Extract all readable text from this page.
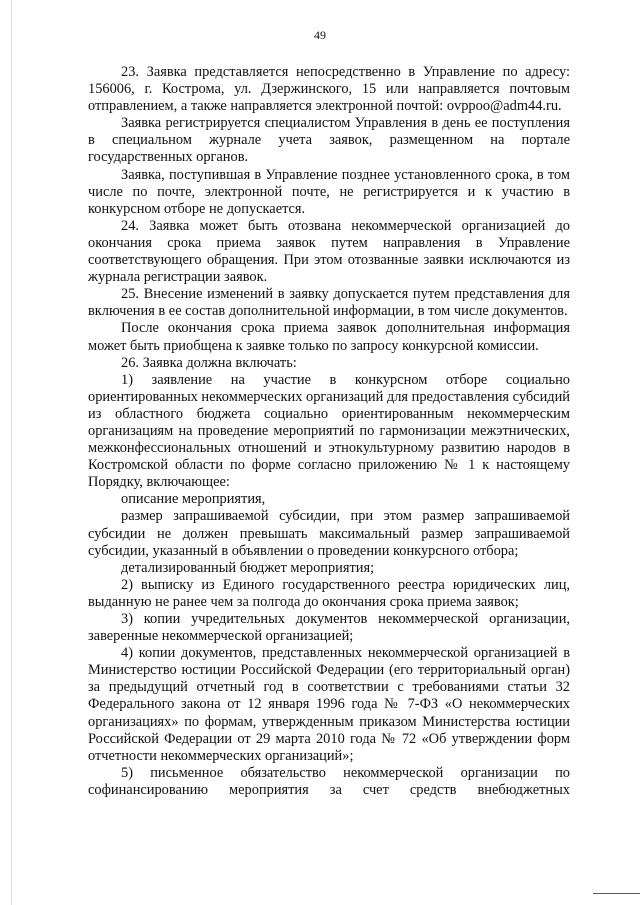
49

23. Заявка представляется непосредственно в Управление по адресу: 156006, г. Кострома, ул. Дзержинского, 15 или направляется почтовым отправлением, а также направляется электронной почтой: ovppoo@adm44.ru.

Заявка регистрируется специалистом Управления в день ее поступления в специальном журнале учета заявок, размещенном на портале государственных органов.

Заявка, поступившая в Управление позднее установленного срока, в том числе по почте, электронной почте, не регистрируется и к участию в конкурсном отборе не допускается.

24. Заявка может быть отозвана некоммерческой организацией до окончания срока приема заявок путем направления в Управление соответствующего обращения. При этом отозванные заявки исключаются из журнала регистрации заявок.

25. Внесение изменений в заявку допускается путем представления для включения в ее состав дополнительной информации, в том числе документов.

После окончания срока приема заявок дополнительная информация может быть приобщена к заявке только по запросу конкурсной комиссии.

26. Заявка должна включать:

1) заявление на участие в конкурсном отборе социально ориентированных некоммерческих организаций для предоставления субсидий из областного бюджета социально ориентированным некоммерческим организациям на проведение мероприятий по гармонизации межэтнических, межконфессиональных отношений и этнокультурному развитию народов в Костромской области по форме согласно приложению № 1 к настоящему Порядку, включающее:

описание мероприятия,

размер запрашиваемой субсидии, при этом размер запрашиваемой субсидии не должен превышать максимальный размер запрашиваемой субсидии, указанный в объявлении о проведении конкурсного отбора;

детализированный бюджет мероприятия;

2) выписку из Единого государственного реестра юридических лиц, выданную не ранее чем за полгода до окончания срока приема заявок;

3) копии учредительных документов некоммерческой организации, заверенные некоммерческой организацией;

4) копии документов, представленных некоммерческой организацией в Министерство юстиции Российской Федерации (его территориальный орган) за предыдущий отчетный год в соответствии с требованиями статьи 32 Федерального закона от 12 января 1996 года № 7-ФЗ «О некоммерческих организациях» по формам, утвержденным приказом Министерства юстиции Российской Федерации от 29 марта 2010 года № 72 «Об утверждении форм отчетности некоммерческих организаций»;

5) письменное обязательство некоммерческой организации по софинансированию мероприятия за счет средств внебюджетных
